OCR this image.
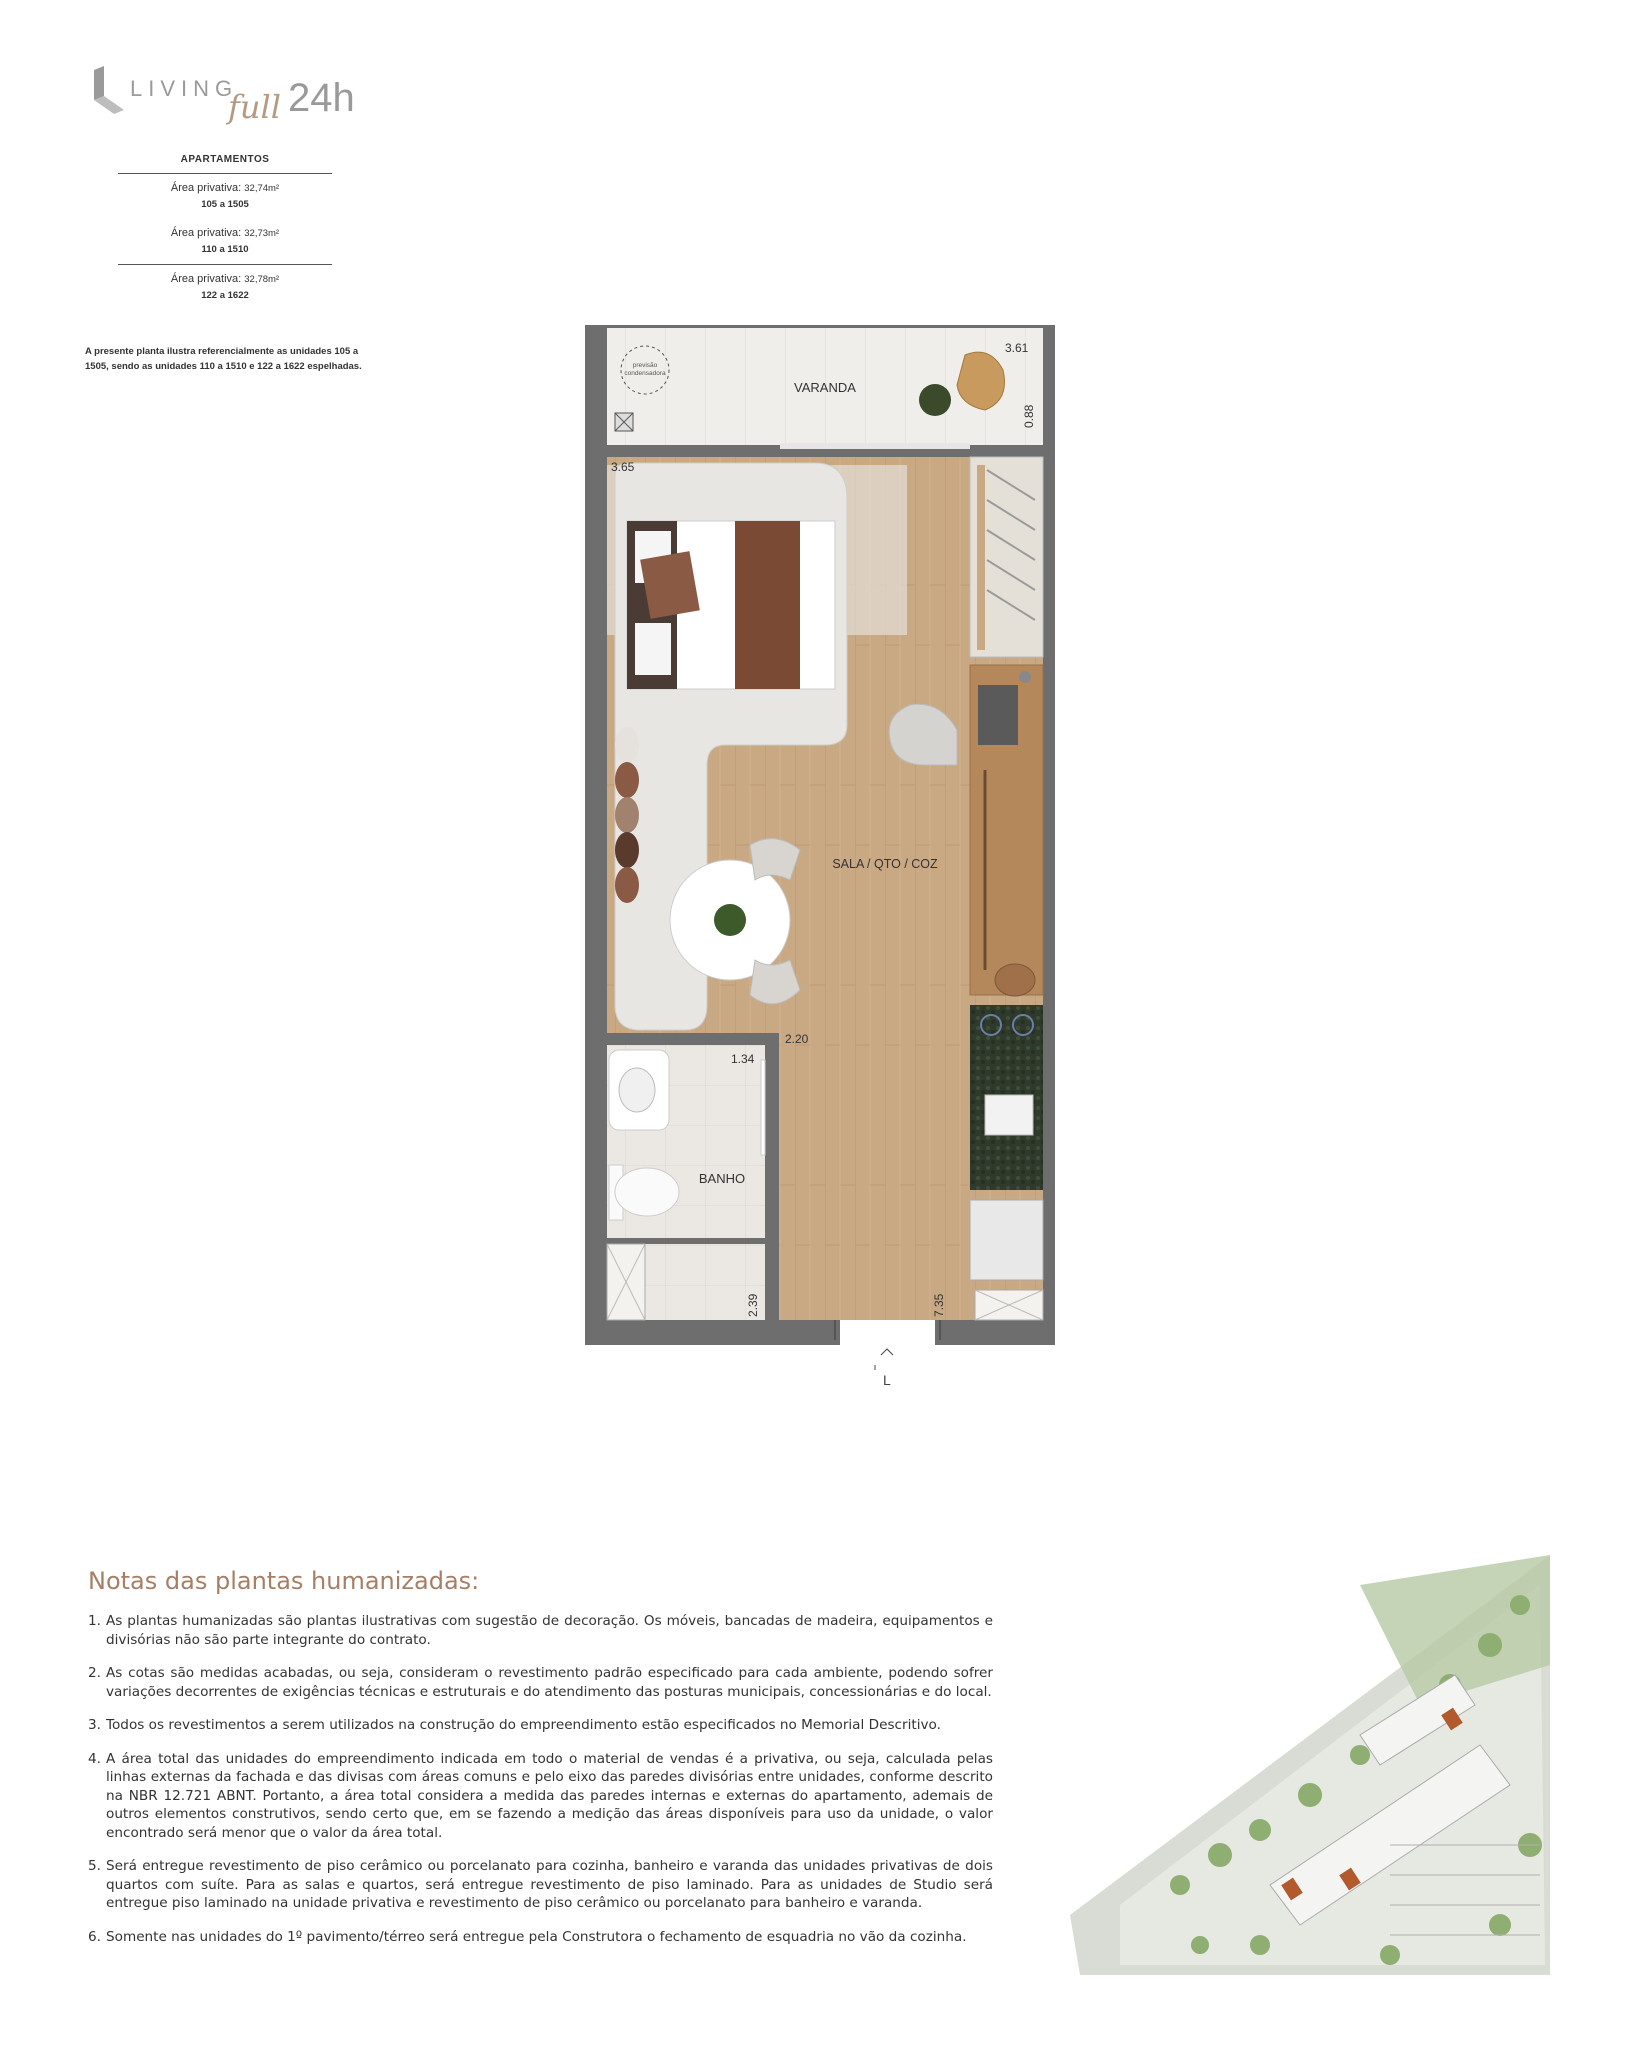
LIVING
full 24h
APARTAMENTOS
Área privativa: 32,74m²
105 a 1505
Área privativa: 32,73m²
110 a 1510
Área privativa: 32,78m²
122 a 1622
A presente planta ilustra referencialmente as unidades 105 a 1505, sendo as unidades 110 a 1510 e 122 a 1622 espelhadas.
VARANDA
SALA / QTO / COZ
BANHO
previsão
condensadora
3.61
0.88
3.65
2.20
1.34
2.39	7.35
L
Notas das plantas humanizadas:
1. As plantas humanizadas são plantas ilustrativas com sugestão de decoração. Os móveis, bancadas de madeira, equipamentos e divisórias não são parte integrante do contrato.
2. As cotas são medidas acabadas, ou seja, consideram o revestimento padrão especificado para cada ambiente, podendo sofrer variações decorrentes de exigências técnicas e estruturais e do atendimento das posturas municipais, concessionárias e do local.
3. Todos os revestimentos a serem utilizados na construção do empreendimento estão especificados no Memorial Descritivo.
4. A área total das unidades do empreendimento indicada em todo o material de vendas é a privativa, ou seja, calculada pelas linhas externas da fachada e das divisas com áreas comuns e pelo eixo das paredes divisórias entre unidades, conforme descrito na NBR 12.721 ABNT. Portanto, a área total considera a medida das paredes internas e externas do apartamento, ademais de outros elementos construtivos, sendo certo que, em se fazendo a medição das áreas disponíveis para uso da unidade, o valor encontrado será menor que o valor da área total.
5. Será entregue revestimento de piso cerâmico ou porcelanato para cozinha, banheiro e varanda das unidades privativas de dois quartos com suíte. Para as salas e quartos, será entregue revestimento de piso laminado. Para as unidades de Studio será entregue piso laminado na unidade privativa e revestimento de piso cerâmico ou porcelanato para banheiro e varanda.
6. Somente nas unidades do 1º pavimento/térreo será entregue pela Construtora o fechamento de esquadria no vão da cozinha.
